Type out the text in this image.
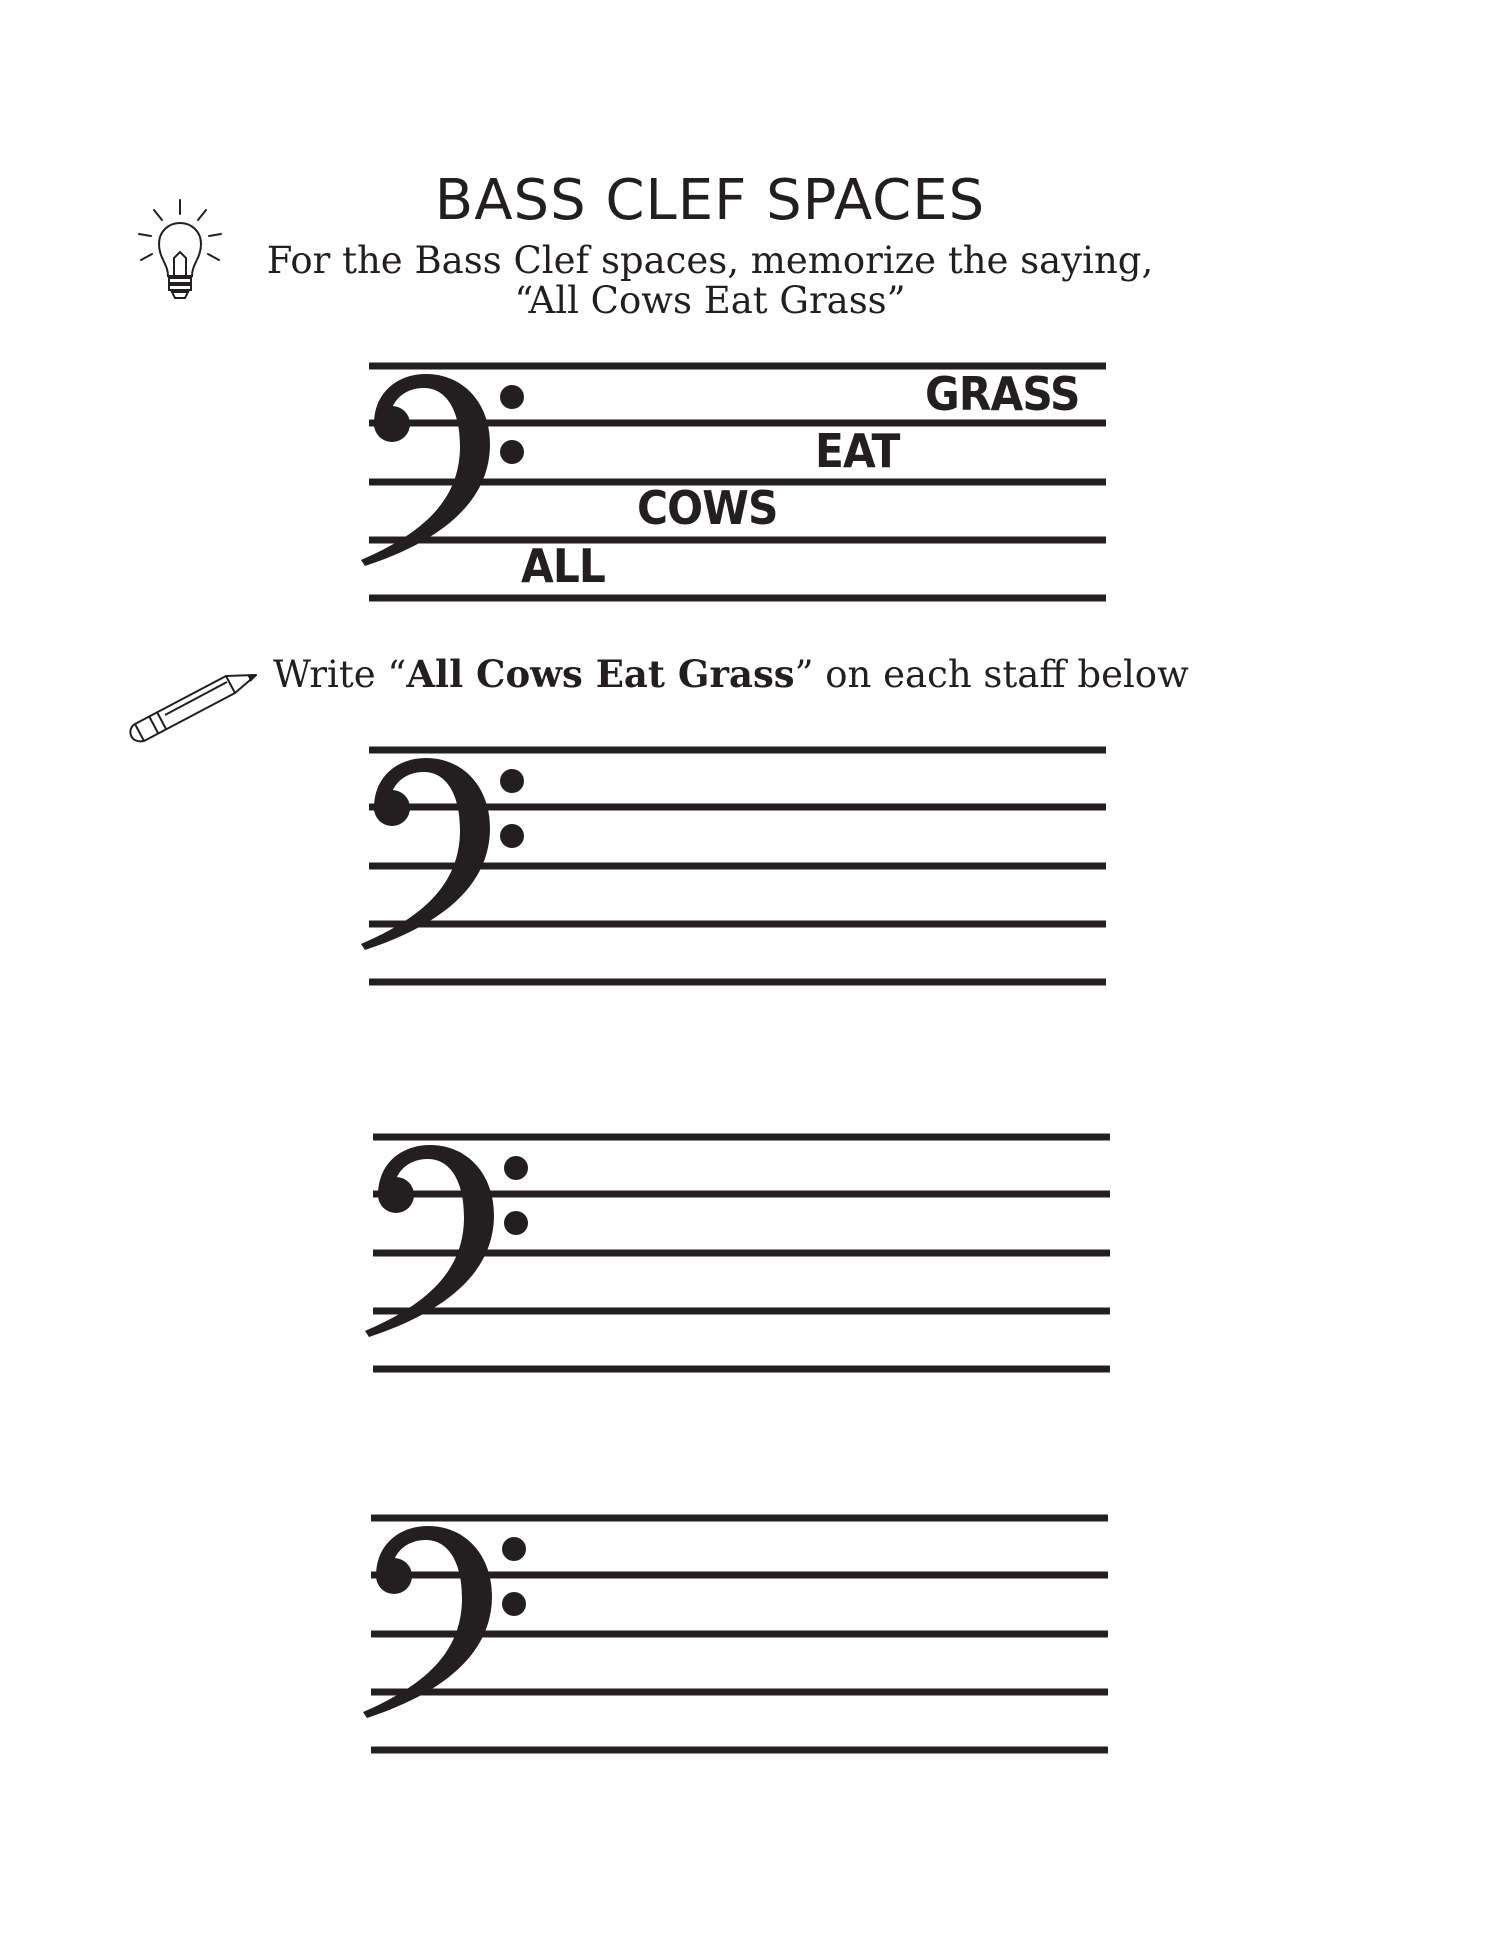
BASS CLEF SPACES
For the Bass Clef spaces, memorize the saying,
“All Cows Eat Grass”
ALL
COWS
EAT
GRASS
Write “All Cows Eat Grass” on each staff below
